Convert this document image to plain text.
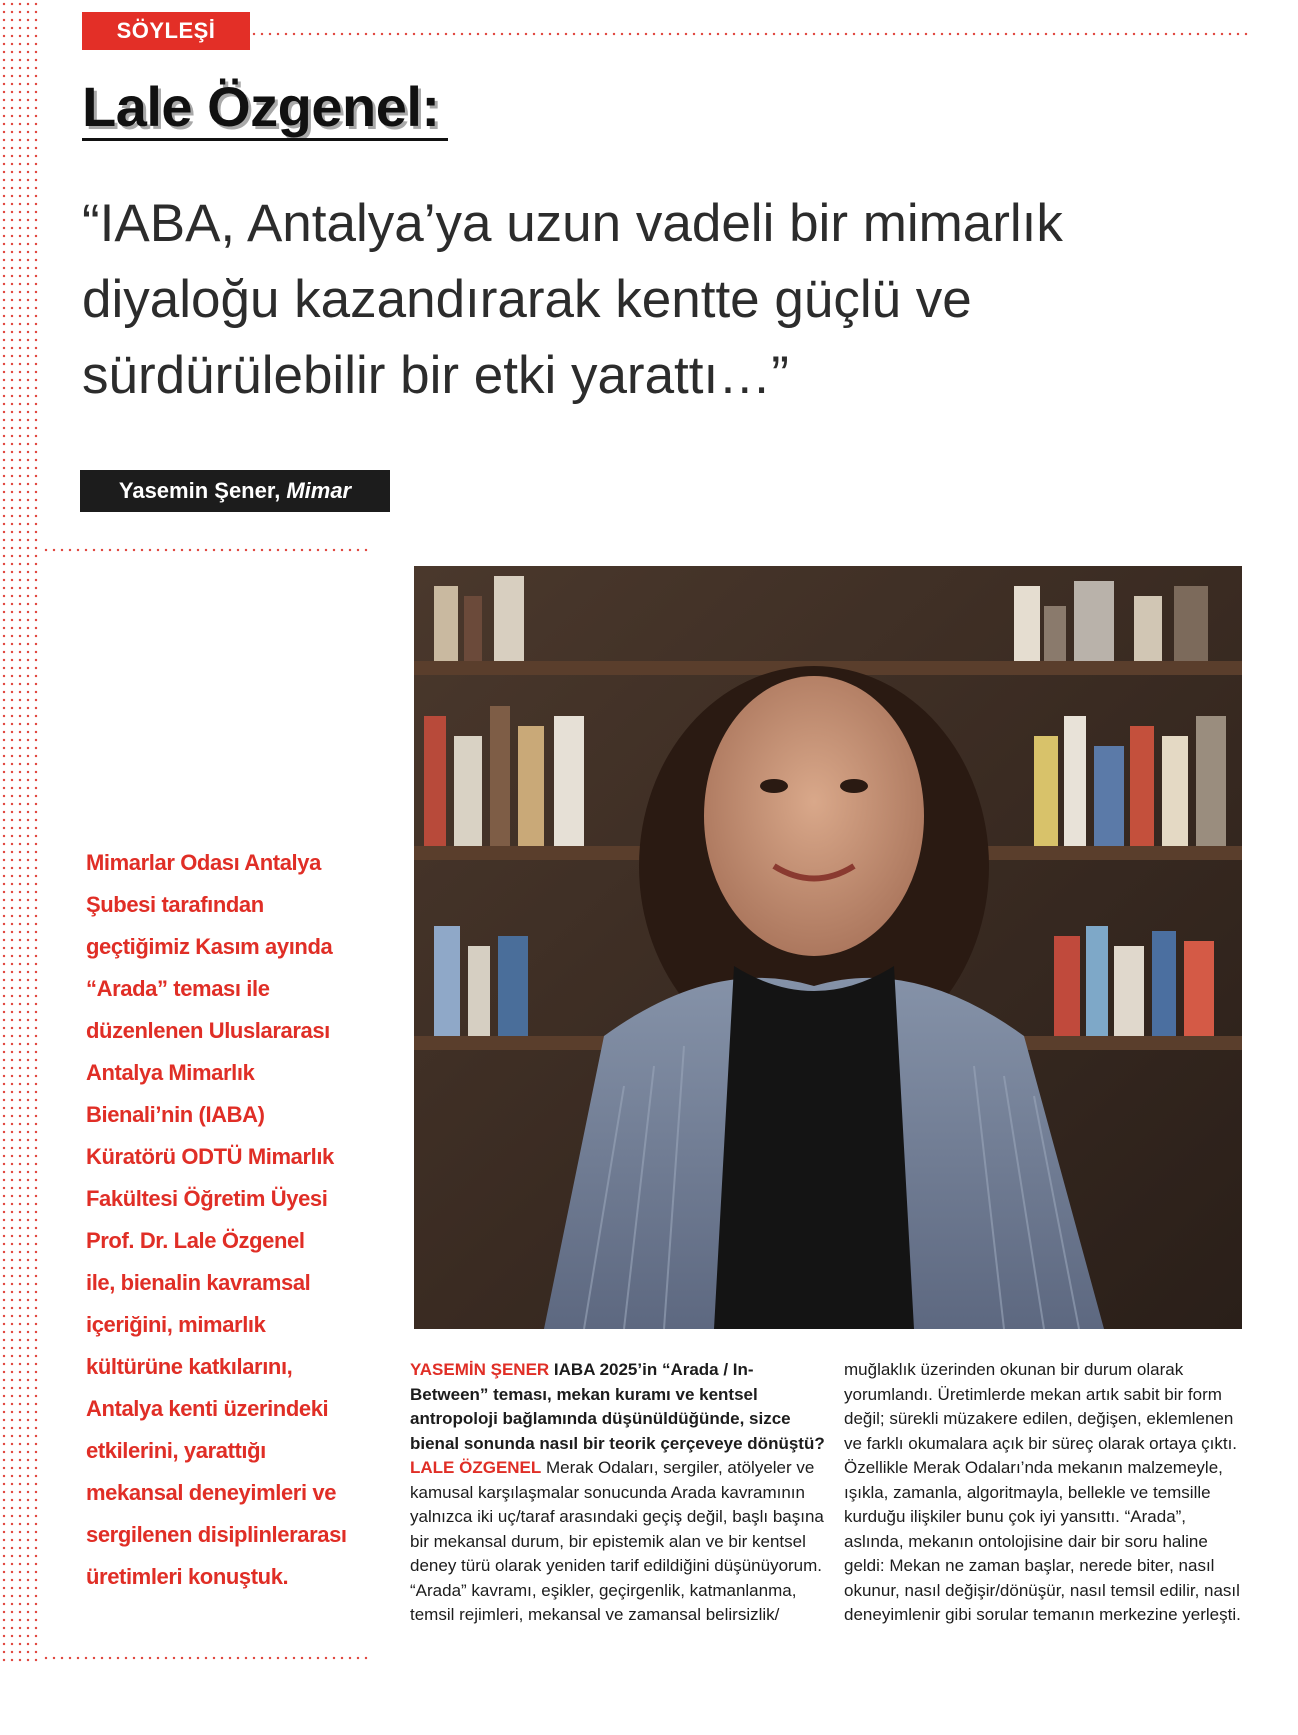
SÖYLEŞİ
Lale Özgenel:

“IABA, Antalya’ya uzun vadeli bir mimarlık

diyaloğu kazandırarak kentte güçlü ve

sürdürülebilir bir etki yarattı…”

Yasemin Şener, Mimar

Mimarlar Odası Antalya

Şubesi tarafından

geçtiğimiz Kasım ayında

“Arada” teması ile

düzenlenen Uluslararası

Antalya Mimarlık

Bienali’nin (IABA)

Küratörü ODTÜ Mimarlık

Fakültesi Öğretim Üyesi

Prof. Dr. Lale Özgenel

ile, bienalin kavramsal

içeriğini, mimarlık

kültürüne katkılarını,

Antalya kenti üzerindeki

etkilerini, yarattığı

mekansal deneyimleri ve

sergilenen disiplinlerarası

üretimleri konuştuk.

YASEMİN ŞENER IABA 2025’in “Arada / In-Between” teması, mekan kuramı ve kentsel antropoloji bağlamında düşünüldüğünde, sizce bienal sonunda nasıl bir teorik çerçeveye dönüştü?

LALE ÖZGENEL Merak Odaları, sergiler, atölyeler ve kamusal karşılaşmalar sonucunda Arada kavramının yalnızca iki uç/taraf arasındaki geçiş değil, başlı başına bir mekansal durum, bir epistemik alan ve bir kentsel deney türü olarak yeniden tarif edildiğini düşünüyorum. “Arada” kavramı, eşikler, geçirgenlik, katmanlanma, temsil rejimleri, mekansal ve zamansal belirsizlik/

muğlaklık üzerinden okunan bir durum olarak yorumlandı. Üretimlerde mekan artık sabit bir form değil; sürekli müzakere edilen, değişen, eklemlenen ve farklı okumalara açık bir süreç olarak ortaya çıktı. Özellikle Merak Odaları’nda mekanın malzemeyle, ışıkla, zamanla, algoritmayla, bellekle ve temsille kurduğu ilişkiler bunu çok iyi yansıttı. “Arada”, aslında, mekanın ontolojisine dair bir soru haline geldi: Mekan ne zaman başlar, nerede biter, nasıl okunur, nasıl değişir/dönüşür, nasıl temsil edilir, nasıl deneyimlenir gibi sorular temanın merkezine yerleşti.
